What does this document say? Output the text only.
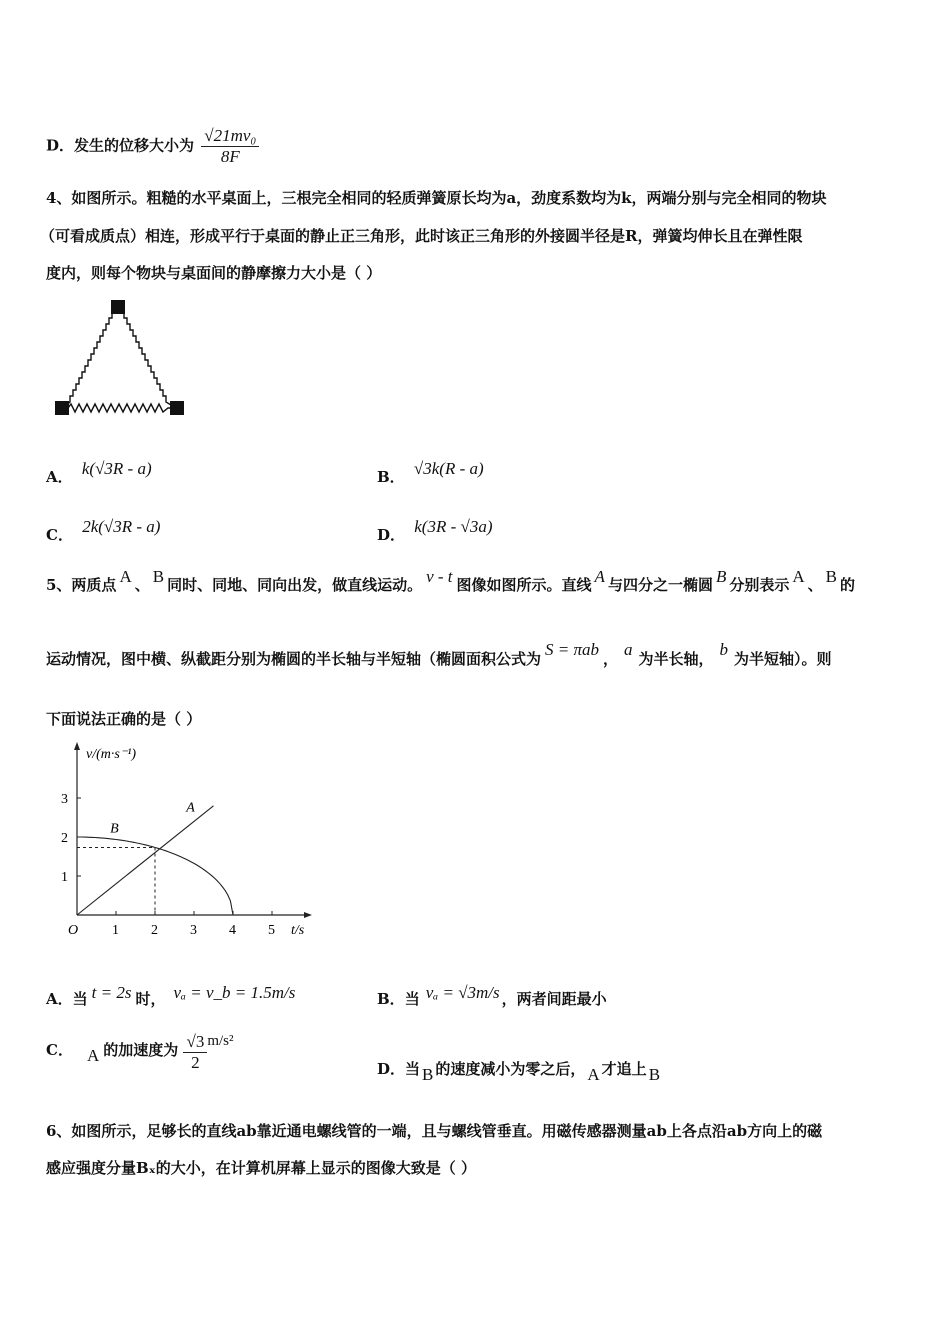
D．发生的位移大小为 $\frac{\text{√21mv₀}}{8F}$
4、如图所示。粗糙的水平桌面上，三根完全相同的轻质弹簧原长均为a，劲度系数均为k，两端分别与完全相同的物块
（可看成质点）相连，形成平行于桌面的静止正三角形，此时该正三角形的外接圆半径是R，弹簧均伸长且在弹性限
度内，则每个物块与桌面间的静摩擦力大小是（ ）
A． k(√3R - a)	B． √3k(R - a)
C． 2k(√3R - a)	D． k(3R - √3a)
5、两质点 A 、 B 同时、同地、同向出发，做直线运动。 v - t 图像如图所示。直线 A 与四分之一椭圆 B 分别表示 A 、 B 的
运动情况，图中横、纵截距分别为椭圆的半长轴与半短轴（椭圆面积公式为 S = πab ， a 为半长轴， b 为半短轴）。则
下面说法正确的是（ ）
v/(m·s⁻¹)
t/s
O 1 2 3 4 5
1
2
3
A
B
A．当 t = 2s 时， vₐ = v_b = 1.5m/s	B．当 vₐ = √3m/s ，两者间距最小
C． A 的加速度为 $\frac{√3}{2} m/s^2$
D．当 B 的速度减小为零之后， A 才追上 B
6、如图所示，足够长的直线ab靠近通电螺线管的一端，且与螺线管垂直。用磁传感器测量ab上各点沿ab方向上的磁
感应强度分量Bₓ的大小，在计算机屏幕上显示的图像大致是（ ）
